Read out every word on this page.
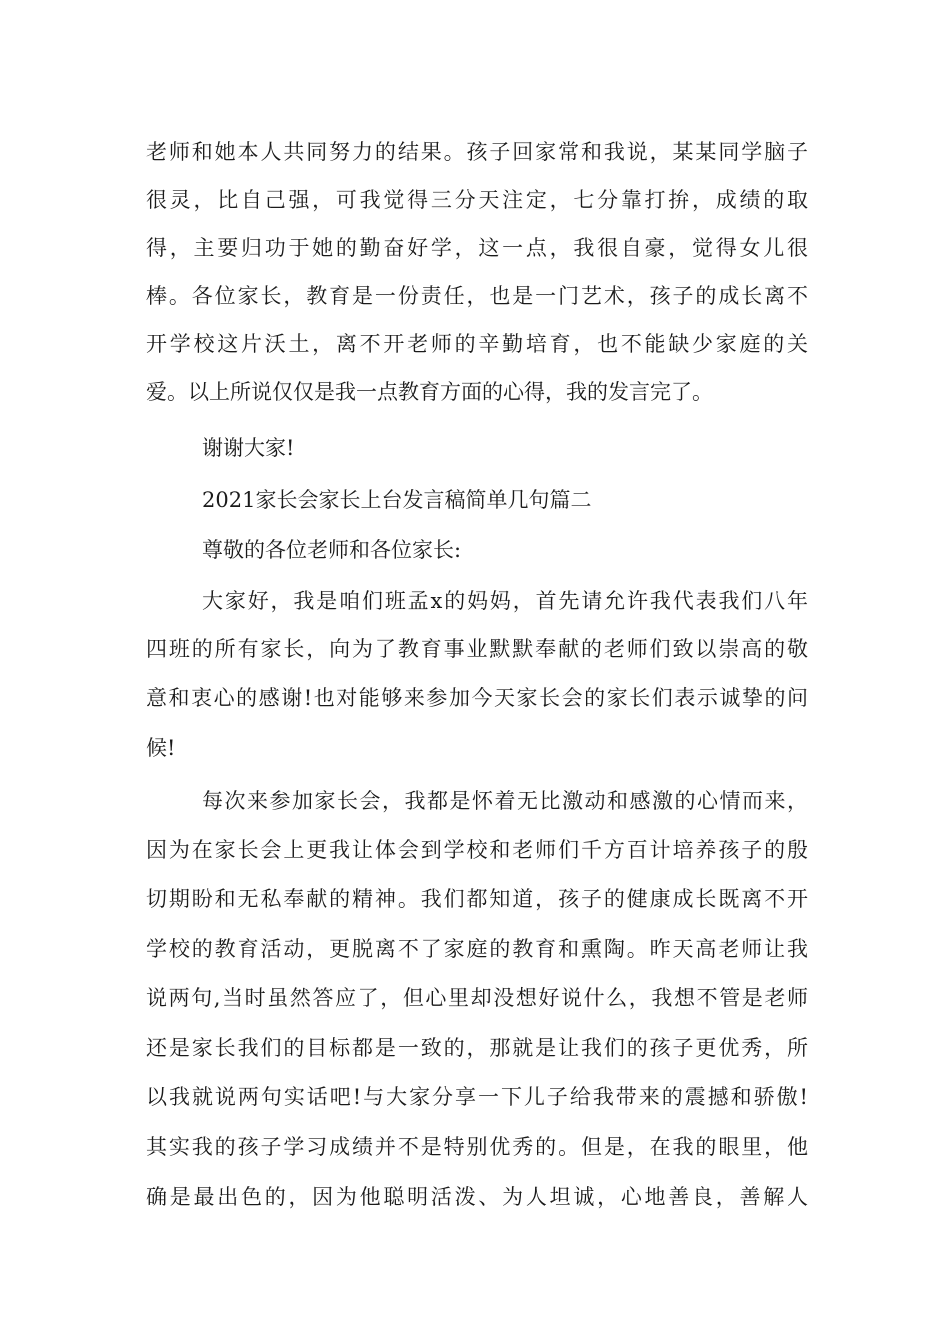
老师和她本人共同努力的结果。孩子回家常和我说，某某同学脑子
很灵，比自己强，可我觉得三分天注定，七分靠打拚，成绩的取
得，主要归功于她的勤奋好学，这一点，我很自豪，觉得女儿很
棒。各位家长，教育是一份责任，也是一门艺术，孩子的成长离不
开学校这片沃土，离不开老师的辛勤培育，也不能缺少家庭的关
爱。以上所说仅仅是我一点教育方面的心得，我的发言完了。
谢谢大家!
2021家长会家长上台发言稿简单几句篇二
尊敬的各位老师和各位家长:
大家好，我是咱们班孟x的妈妈，首先请允许我代表我们八年
四班的所有家长，向为了教育事业默默奉献的老师们致以崇高的敬
意和衷心的感谢!也对能够来参加今天家长会的家长们表示诚挚的问
候!
每次来参加家长会，我都是怀着无比激动和感激的心情而来，
因为在家长会上更我让体会到学校和老师们千方百计培养孩子的殷
切期盼和无私奉献的精神。我们都知道，孩子的健康成长既离不开
学校的教育活动，更脱离不了家庭的教育和熏陶。昨天高老师让我
说两句,当时虽然答应了，但心里却没想好说什么，我想不管是老师
还是家长我们的目标都是一致的，那就是让我们的孩子更优秀，所
以我就说两句实话吧!与大家分享一下儿子给我带来的震撼和骄傲!
其实我的孩子学习成绩并不是特别优秀的。但是，在我的眼里，他
确是最出色的，因为他聪明活泼、为人坦诚，心地善良，善解人
